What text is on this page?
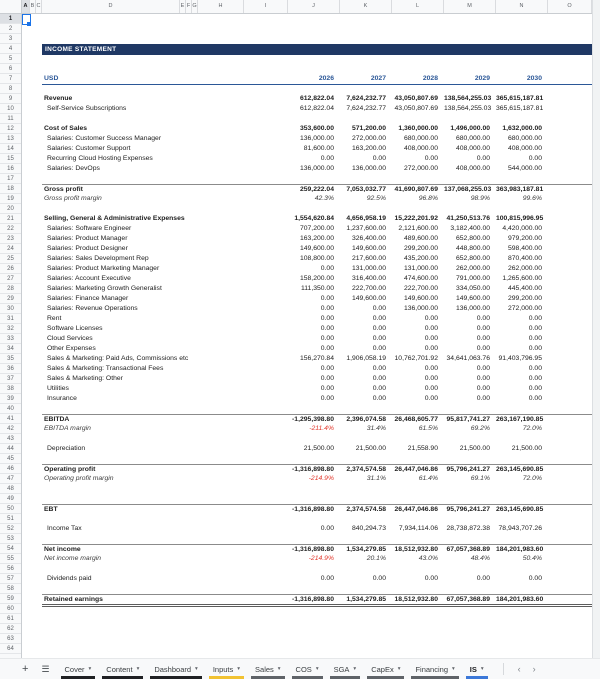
A B C	D	E F G	H	I	J	K	L	M	N	O
1
2
3
4
5
6
7
8
9
10
11
12
13
14
15
16
17
18
19
20
21
22
23
24
25
26
27
28
29
30
31
32
33
34
35
36
37
38
39
40
41
42
43
44
45
46
47
48
49
50
51
52
53
54
55
56
57
58
59
60
61
62
63
64
INCOME STATEMENT
USD	2026	2027	2028	2029	2030
Revenue	612,822.04	7,624,232.77	43,050,807.69 138,564,255.03 365,615,187.81
Self-Service Subscriptions	612,822.04	7,624,232.77	43,050,807.69 138,564,255.03 365,615,187.81
Cost of Sales	353,600.00	571,200.00	1,360,000.00	1,496,000.00	1,632,000.00
Salaries: Customer Success Manager	136,000.00	272,000.00	680,000.00	680,000.00	680,000.00
Salaries: Customer Support	81,600.00	163,200.00	408,000.00	408,000.00	408,000.00
Recurring Cloud Hosting Expenses	0.00	0.00	0.00	0.00	0.00
Salaries: DevOps	136,000.00	136,000.00	272,000.00	408,000.00	544,000.00
Gross profit	259,222.04	7,053,032.77	41,690,807.69 137,068,255.03 363,983,187.81
Gross profit margin	42.3%	92.5%	96.8%	98.9%	99.6%
Selling, General & Administrative Expenses	1,554,620.84	4,656,958.19	15,222,201.92	41,250,513.76 100,815,996.95
Salaries: Software Engineer	707,200.00	1,237,600.00	2,121,600.00	3,182,400.00	4,420,000.00
Salaries: Product Manager	163,200.00	326,400.00	489,600.00	652,800.00	979,200.00
Salaries: Product Designer	149,600.00	149,600.00	299,200.00	448,800.00	598,400.00
Salaries: Sales Development Rep	108,800.00	217,600.00	435,200.00	652,800.00	870,400.00
Salaries: Product Marketing Manager	0.00	131,000.00	131,000.00	262,000.00	262,000.00
Salaries: Account Executive	158,200.00	316,400.00	474,600.00	791,000.00	1,265,600.00
Salaries: Marketing Growth Generalist	111,350.00	222,700.00	222,700.00	334,050.00	445,400.00
Salaries: Finance Manager	0.00	149,600.00	149,600.00	149,600.00	299,200.00
Salaries: Revenue Operations	0.00	0.00	136,000.00	136,000.00	272,000.00
Rent	0.00	0.00	0.00	0.00	0.00
Software Licenses	0.00	0.00	0.00	0.00	0.00
Cloud Services	0.00	0.00	0.00	0.00	0.00
Other Expenses	0.00	0.00	0.00	0.00	0.00
Sales & Marketing: Paid Ads, Commissions etc	156,270.84	1,906,058.19	10,762,701.92	34,641,063.76	91,403,796.95
Sales & Marketing: Transactional Fees	0.00	0.00	0.00	0.00	0.00
Sales & Marketing: Other	0.00	0.00	0.00	0.00	0.00
Utilities	0.00	0.00	0.00	0.00	0.00
Insurance	0.00	0.00	0.00	0.00	0.00
EBITDA	-1,295,398.80	2,396,074.58	26,468,605.77	95,817,741.27 263,167,190.85
EBITDA margin	-211.4%	31.4%	61.5%	69.2%	72.0%
Depreciation	21,500.00	21,500.00	21,558.90	21,500.00	21,500.00
Operating profit	-1,316,898.80	2,374,574.58	26,447,046.86	95,796,241.27 263,145,690.85
Operating profit margin	-214.9%	31.1%	61.4%	69.1%	72.0%
EBT	-1,316,898.80	2,374,574.58	26,447,046.86	95,796,241.27 263,145,690.85
Income Tax	0.00	840,294.73	7,934,114.06	28,738,872.38	78,943,707.26
Net income	-1,316,898.80	1,534,279.85	18,512,932.80	67,057,368.89 184,201,983.60
Net income margin	-214.9%	20.1%	43.0%	48.4%	50.4%
Dividends paid	0.00	0.00	0.00	0.00	0.00
Retained earnings	-1,316,898.80	1,534,279.85	18,512,932.80	67,057,368.89 184,201,983.60
+ ☰ Cover ▾ Content ▾ Dashboard ▾ Inputs ▾ Sales ▾ COS ▾ SGA ▾ CapEx ▾ Financing ▾ IS ▾	‹	›
